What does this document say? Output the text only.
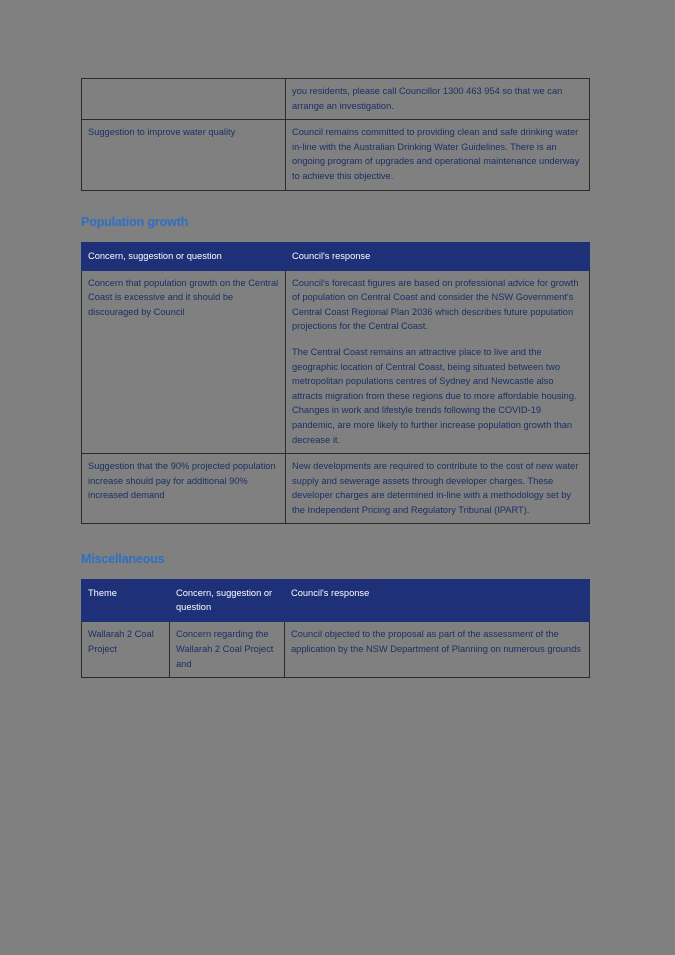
	you residents, please call Councillor 1300 463 954 so that we can arrange an investigation.
Suggestion to improve water quality	Council remains committed to providing clean and safe drinking water in-line with the Australian Drinking Water Guidelines. There is an ongoing program of upgrades and operational maintenance underway to achieve this objective.
Population growth
Concern, suggestion or question	Council's response
Concern that population growth on the Central Coast is excessive and it should be discouraged by Council	Council's forecast figures are based on professional advice for growth of population on Central Coast and consider the NSW Government's Central Coast Regional Plan 2036 which describes future population projections for the Central Coast.

The Central Coast remains an attractive place to live and the geographic location of Central Coast, being situated between two metropolitan populations centres of Sydney and Newcastle also attracts migration from these regions due to more affordable housing. Changes in work and lifestyle trends following the COVID-19 pandemic, are more likely to further increase population growth than decrease it.

Suggestion that the 90% projected population increase should pay for additional 90% increased demand	New developments are required to contribute to the cost of new water supply and sewerage assets through developer charges. These developer charges are determined in-line with a methodology set by the Independent Pricing and Regulatory Tribunal (IPART).

Miscellaneous
Theme	Concern, suggestion or question	Council's response
Wallarah 2 Coal Project	Concern regarding the Wallarah 2 Coal Project and	Council objected to the proposal as part of the assessment of the application by the NSW Department of Planning on numerous grounds
